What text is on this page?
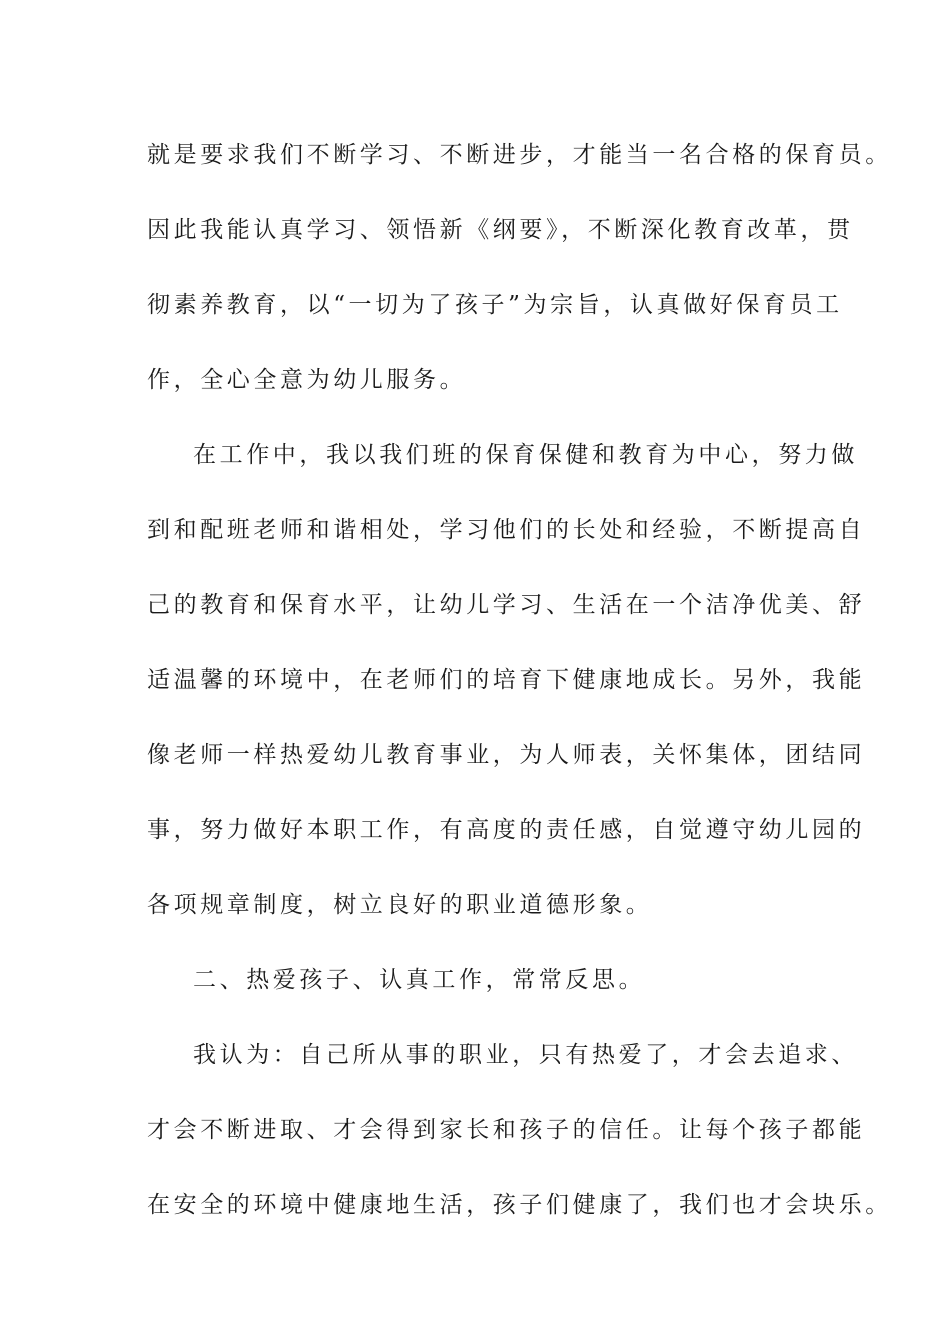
就是要求我们不断学习、不断进步，才能当一名合格的保育员。
因此我能认真学习、领悟新《纲要》，不断深化教育改革，贯
彻素养教育，以“一切为了孩子”为宗旨，认真做好保育员工
作，全心全意为幼儿服务。
在工作中，我以我们班的保育保健和教育为中心，努力做
到和配班老师和谐相处，学习他们的长处和经验，不断提高自
己的教育和保育水平，让幼儿学习、生活在一个洁净优美、舒
适温馨的环境中，在老师们的培育下健康地成长。另外，我能
像老师一样热爱幼儿教育事业，为人师表，关怀集体，团结同
事，努力做好本职工作，有高度的责任感，自觉遵守幼儿园的
各项规章制度，树立良好的职业道德形象。
二、热爱孩子、认真工作，常常反思。
我认为：自己所从事的职业，只有热爱了，才会去追求、
才会不断进取、才会得到家长和孩子的信任。让每个孩子都能
在安全的环境中健康地生活，孩子们健康了，我们也才会块乐。
